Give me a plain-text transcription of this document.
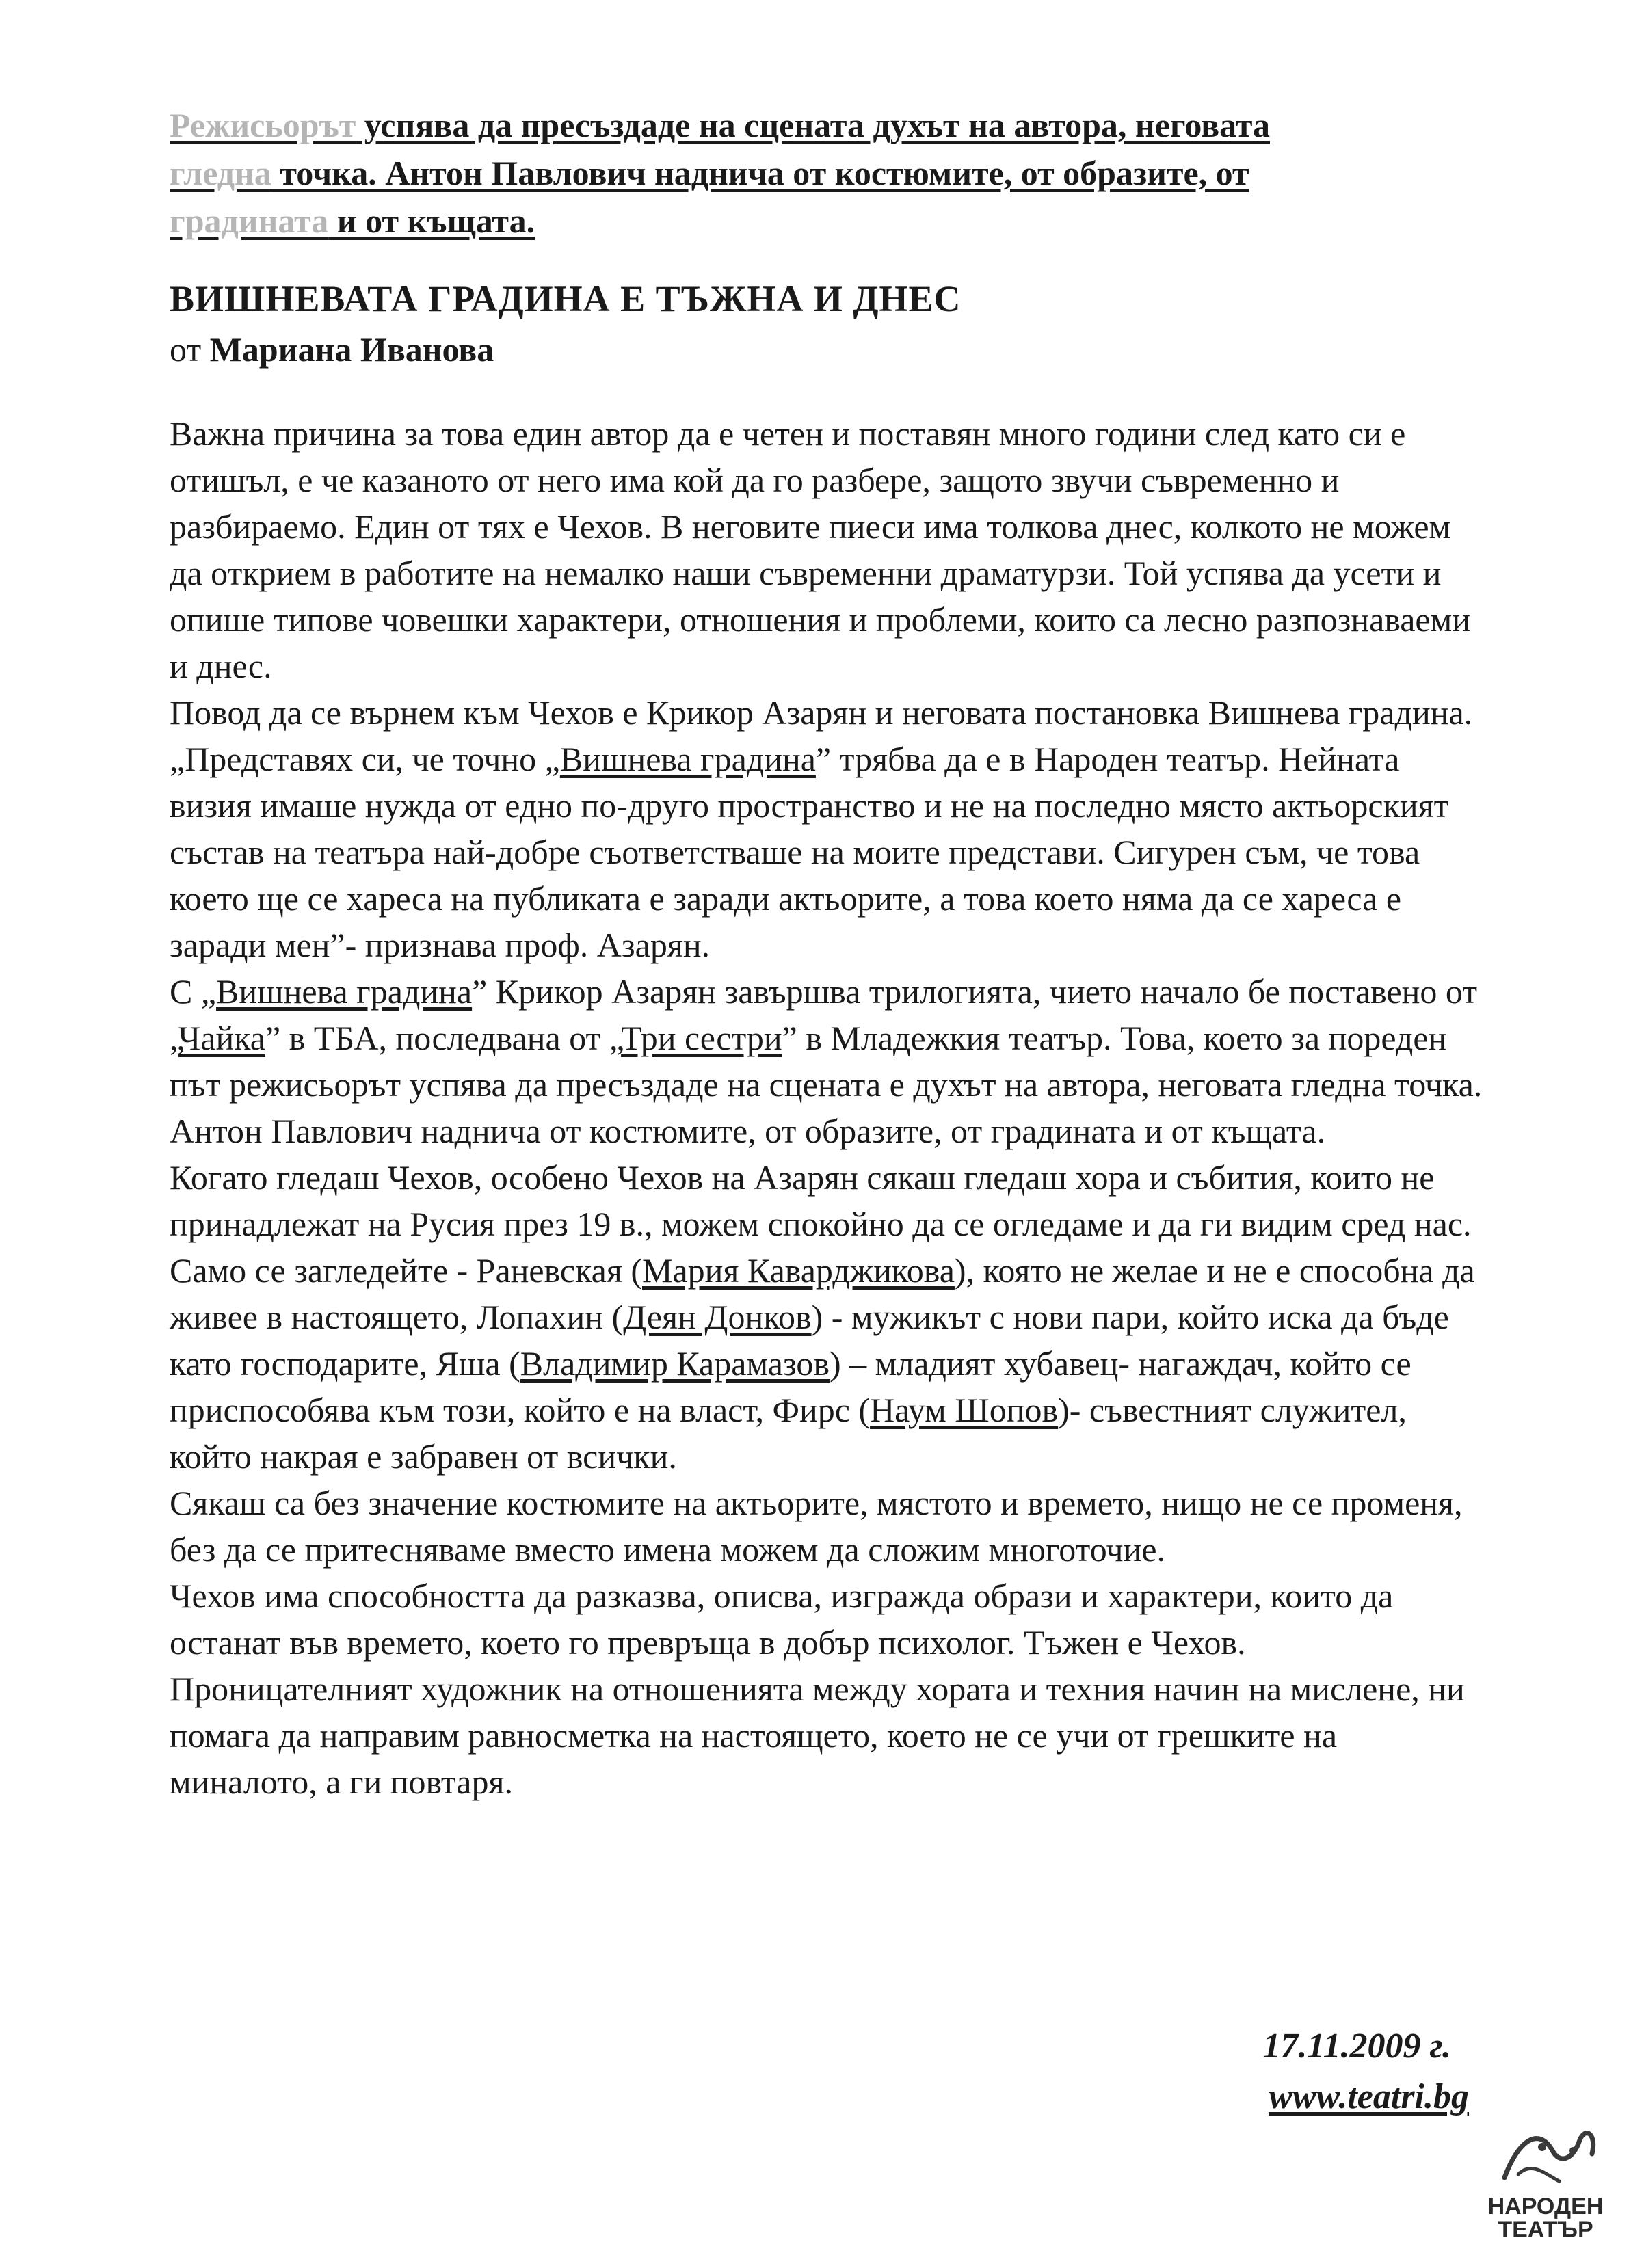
Режисьорът успява да пресъздаде на сцената духът на автора, неговата
гледна точка. Антон Павлович наднича от костюмите, от образите, от
градината и от къщата.
ВИШНЕВАТА ГРАДИНА Е ТЪЖНА И ДНЕС
от Мариана Иванова

Важна причина за това един автор да е четен и поставян много години след като си е отишъл, е че казаното от него има кой да го разбере, защото звучи съвременно и разбираемо. Един от тях е Чехов. В неговите пиеси има толкова днес, колкото не можем да открием в работите на немалко наши съвременни драматурзи. Той успява да усети и опише типове човешки характери, отношения и проблеми, които са лесно разпознаваеми и днес.

Повод да се върнем към Чехов е Крикор Азарян и неговата постановка Вишнева градина. „Представях си, че точно „Вишнева градина” трябва да е в Народен театър. Нейната визия имаше нужда от едно по-друго пространство и не на последно място актьорският състав на театъра най-добре съответстваше на моите представи. Сигурен съм, че това което ще се хареса на публиката е заради актьорите, а това което няма да се хареса е заради мен”- признава проф. Азарян.

С „Вишнева градина” Крикор Азарян завършва трилогията, чието начало бе поставено от „Чайка” в ТБА, последвана от „Три сестри” в Младежкия театър. Това, което за пореден път режисьорът успява да пресъздаде на сцената е духът на автора, неговата гледна точка. Антон Павлович наднича от костюмите, от образите, от градината и от къщата.

Когато гледаш Чехов, особено Чехов на Азарян сякаш гледаш хора и събития, които не принадлежат на Русия през 19 в., можем спокойно да се огледаме и да ги видим сред нас. Само се загледейте - Раневская (Мария Каварджикова), която не желае и не е способна да живее в настоящето, Лопахин (Деян Донков) - мужикът с нови пари, който иска да бъде като господарите, Яша (Владимир Карамазов) – младият хубавец- нагаждач, който се приспособява към този, който е на власт, Фирс (Наум Шопов)- съвестният служител, който накрая е забравен от всички.

Сякаш са без значение костюмите на актьорите, мястото и времето, нищо не се променя, без да се притесняваме вместо имена можем да сложим многоточие.

Чехов има способността да разказва, описва, изгражда образи и характери, които да останат във времето, което го превръща в добър психолог. Тъжен е Чехов.

Проницателният художник на отношенията между хората и техния начин на мислене, ни помага да направим равносметка на настоящето, което не се учи от грешките на миналото, а ги повтаря.

17.11.2009 г.
www.teatri.bg
НАРОДЕН
ТЕАТЪР
